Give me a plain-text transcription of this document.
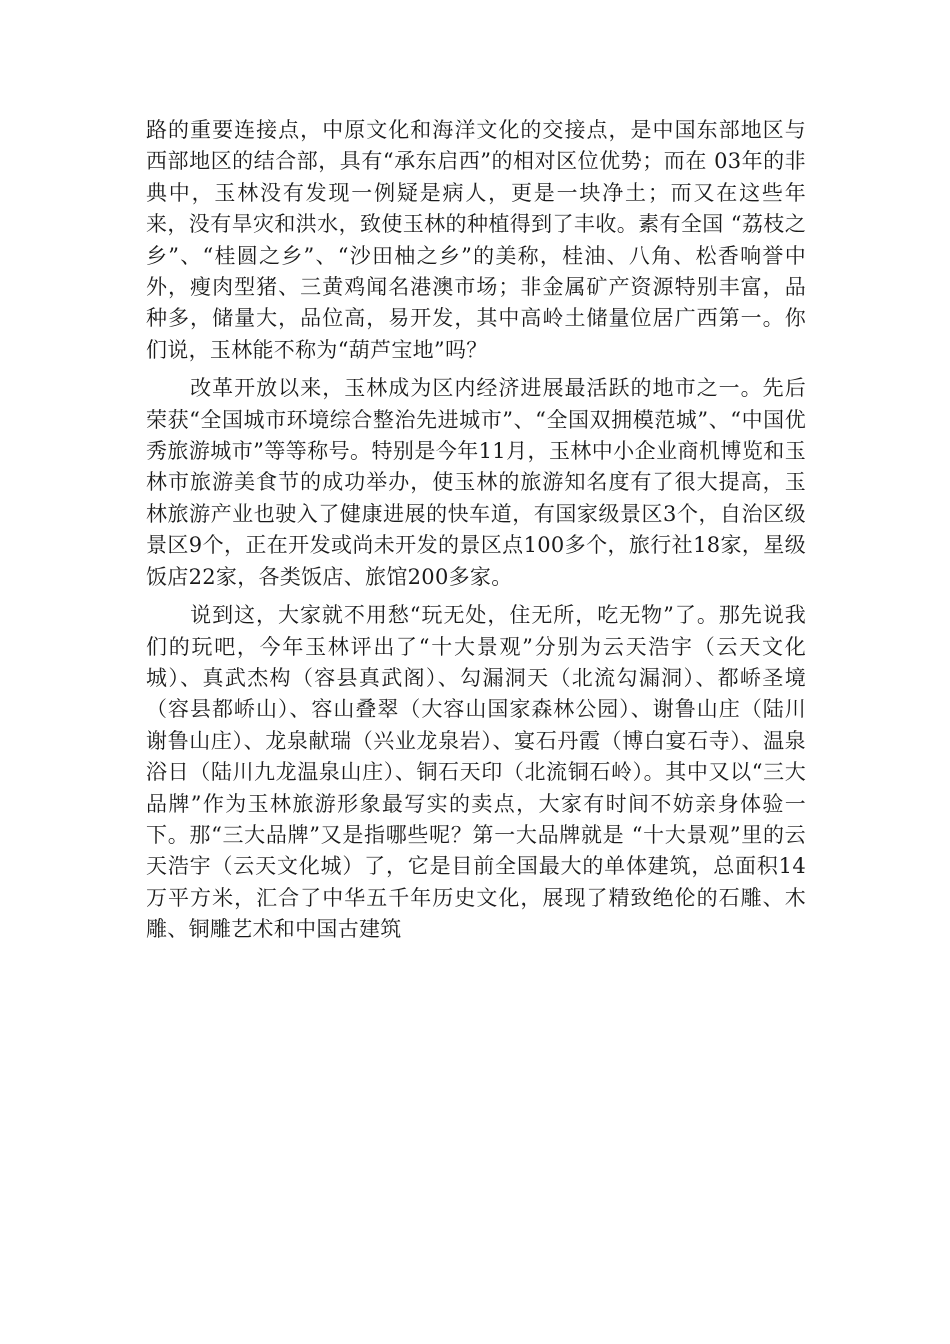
路的重要连接点，中原文化和海洋文化的交接点，是中国东部地区与西部地区的结合部，具有“承东启西”的相对区位优势；而在 03年的非典中，玉林没有发现一例疑是病人，更是一块净土；而又在这些年来，没有旱灾和洪水，致使玉林的种植得到了丰收。素有全国 “荔枝之乡”、“桂圆之乡”、“沙田柚之乡”的美称，桂油、八角、松香响誉中外，瘦肉型猪、三黄鸡闻名港澳市场；非金属矿产资源特别丰富，品种多，储量大，品位高，易开发，其中高岭土储量位居广西第一。你们说，玉林能不称为“葫芦宝地”吗？

改革开放以来，玉林成为区内经济进展最活跃的地市之一。先后荣获“全国城市环境综合整治先进城市”、“全国双拥模范城”、“中国优秀旅游城市”等等称号。特别是今年11月，玉林中小企业商机博览和玉林市旅游美食节的成功举办，使玉林的旅游知名度有了很大提高，玉林旅游产业也驶入了健康进展的快车道，有国家级景区3个，自治区级景区9个，正在开发或尚未开发的景区点100多个，旅行社18家，星级饭店22家，各类饭店、旅馆200多家。

说到这，大家就不用愁“玩无处，住无所，吃无物”了。那先说我们的玩吧，今年玉林评出了“十大景观”分别为云天浩宇（云天文化城）、真武杰构（容县真武阁）、勾漏洞天（北流勾漏洞）、都峤圣境（容县都峤山）、容山叠翠（大容山国家森林公园）、谢鲁山庄（陆川谢鲁山庄）、龙泉献瑞（兴业龙泉岩）、宴石丹霞（博白宴石寺）、温泉浴日（陆川九龙温泉山庄）、铜石天印（北流铜石岭）。其中又以“三大品牌”作为玉林旅游形象最写实的卖点，大家有时间不妨亲身体验一下。那“三大品牌”又是指哪些呢？第一大品牌就是 “十大景观”里的云天浩宇（云天文化城）了，它是目前全国最大的单体建筑，总面积14万平方米，汇合了中华五千年历史文化，展现了精致绝伦的石雕、木雕、铜雕艺术和中国古建筑
